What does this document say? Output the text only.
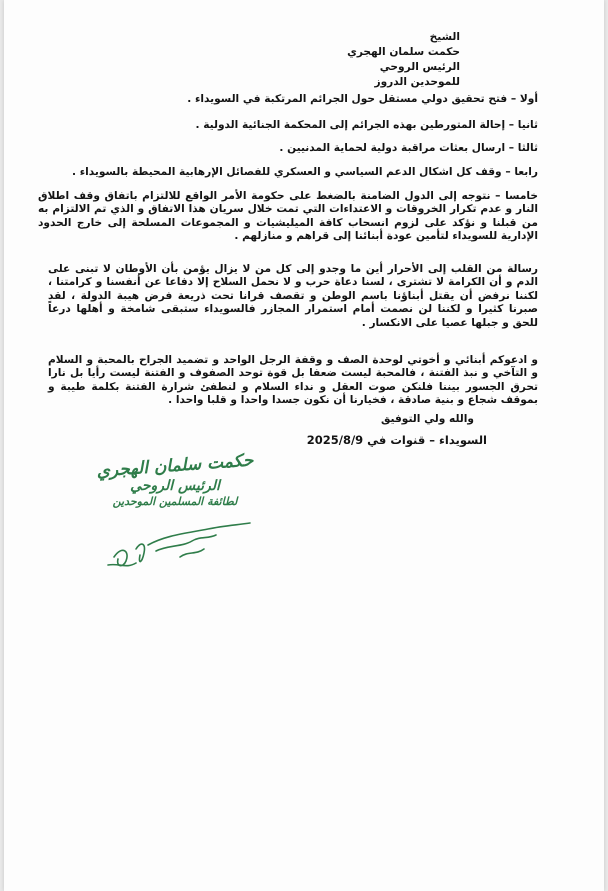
الشيخ
حكمت سلمان الهجري
الرئيس الروحي
للموحدين الدروز

أولا – فتح تحقيق دولي مستقل حول الجرائم المرتكبة في السويداء .

ثانيا – إحالة المتورطين بهذه الجرائم إلى المحكمة الجنائية الدولية .

ثالثا – ارسال بعثات مراقبة دولية لحماية المدنيين .

رابعا – وقف كل اشكال الدعم السياسي و العسكري للفصائل الإرهابية المحيطة بالسويداء .

خامسا – نتوجه إلى الدول الضامنة بالضغط على حكومة الأمر الواقع للالتزام باتفاق وقف اطلاق النار و عدم تكرار الخروقات و الاعتداءات التي تمت خلال سريان هذا الاتفاق و الذي تم الالتزام به من قبلنا و نؤكد على لزوم انسحاب كافة الميليشيات و المجموعات المسلحة إلى خارج الحدود الإدارية للسويداء لتأمين عودة أبنائنا إلى قراهم و منازلهم .

رسالة من القلب إلى الأحرار أين ما وجدو إلى كل من لا يزال يؤمن بأن الأوطان لا تبنى على الدم و أن الكرامة لا تشترى ، لسنا دعاة حرب و لا نحمل السلاح إلا دفاعا عن أنفسنا و كرامتنا ، لكننا نرفض أن يقتل أبناؤنا باسم الوطن و تقصف قرانا تحت ذريعة فرض هيبة الدولة ، لقد صبرنا كثيرا و لكننا لن نصمت أمام استمرار المجازر فالسويداء ستبقى شامخة و أهلها درعاً للحق و جبلها عصيا على الانكسار .

و ادعوكم أبنائي و أخوتي لوحدة الصف و وقفة الرجل الواحد و تضميد الجراح بالمحبة و السلام و التآخي و نبذ الفتنة ، فالمحبة ليست ضعفا بل قوة توحد الصفوف و الفتنة ليست رأيا بل نارا تحرق الجسور بيننا فلنكن صوت العقل و نداء السلام و لنطفئ شرارة الفتنة بكلمة طيبة و بموقف شجاع و بنية صادقة ، فخيارنا أن نكون جسدا واحدا و قلبا واحدا .

والله ولي التوفيق

السويداء – قنوات في 2025/8/9

حكمت سلمان الهجري
الرئيس الروحي
لطائفة المسلمين الموحدين
